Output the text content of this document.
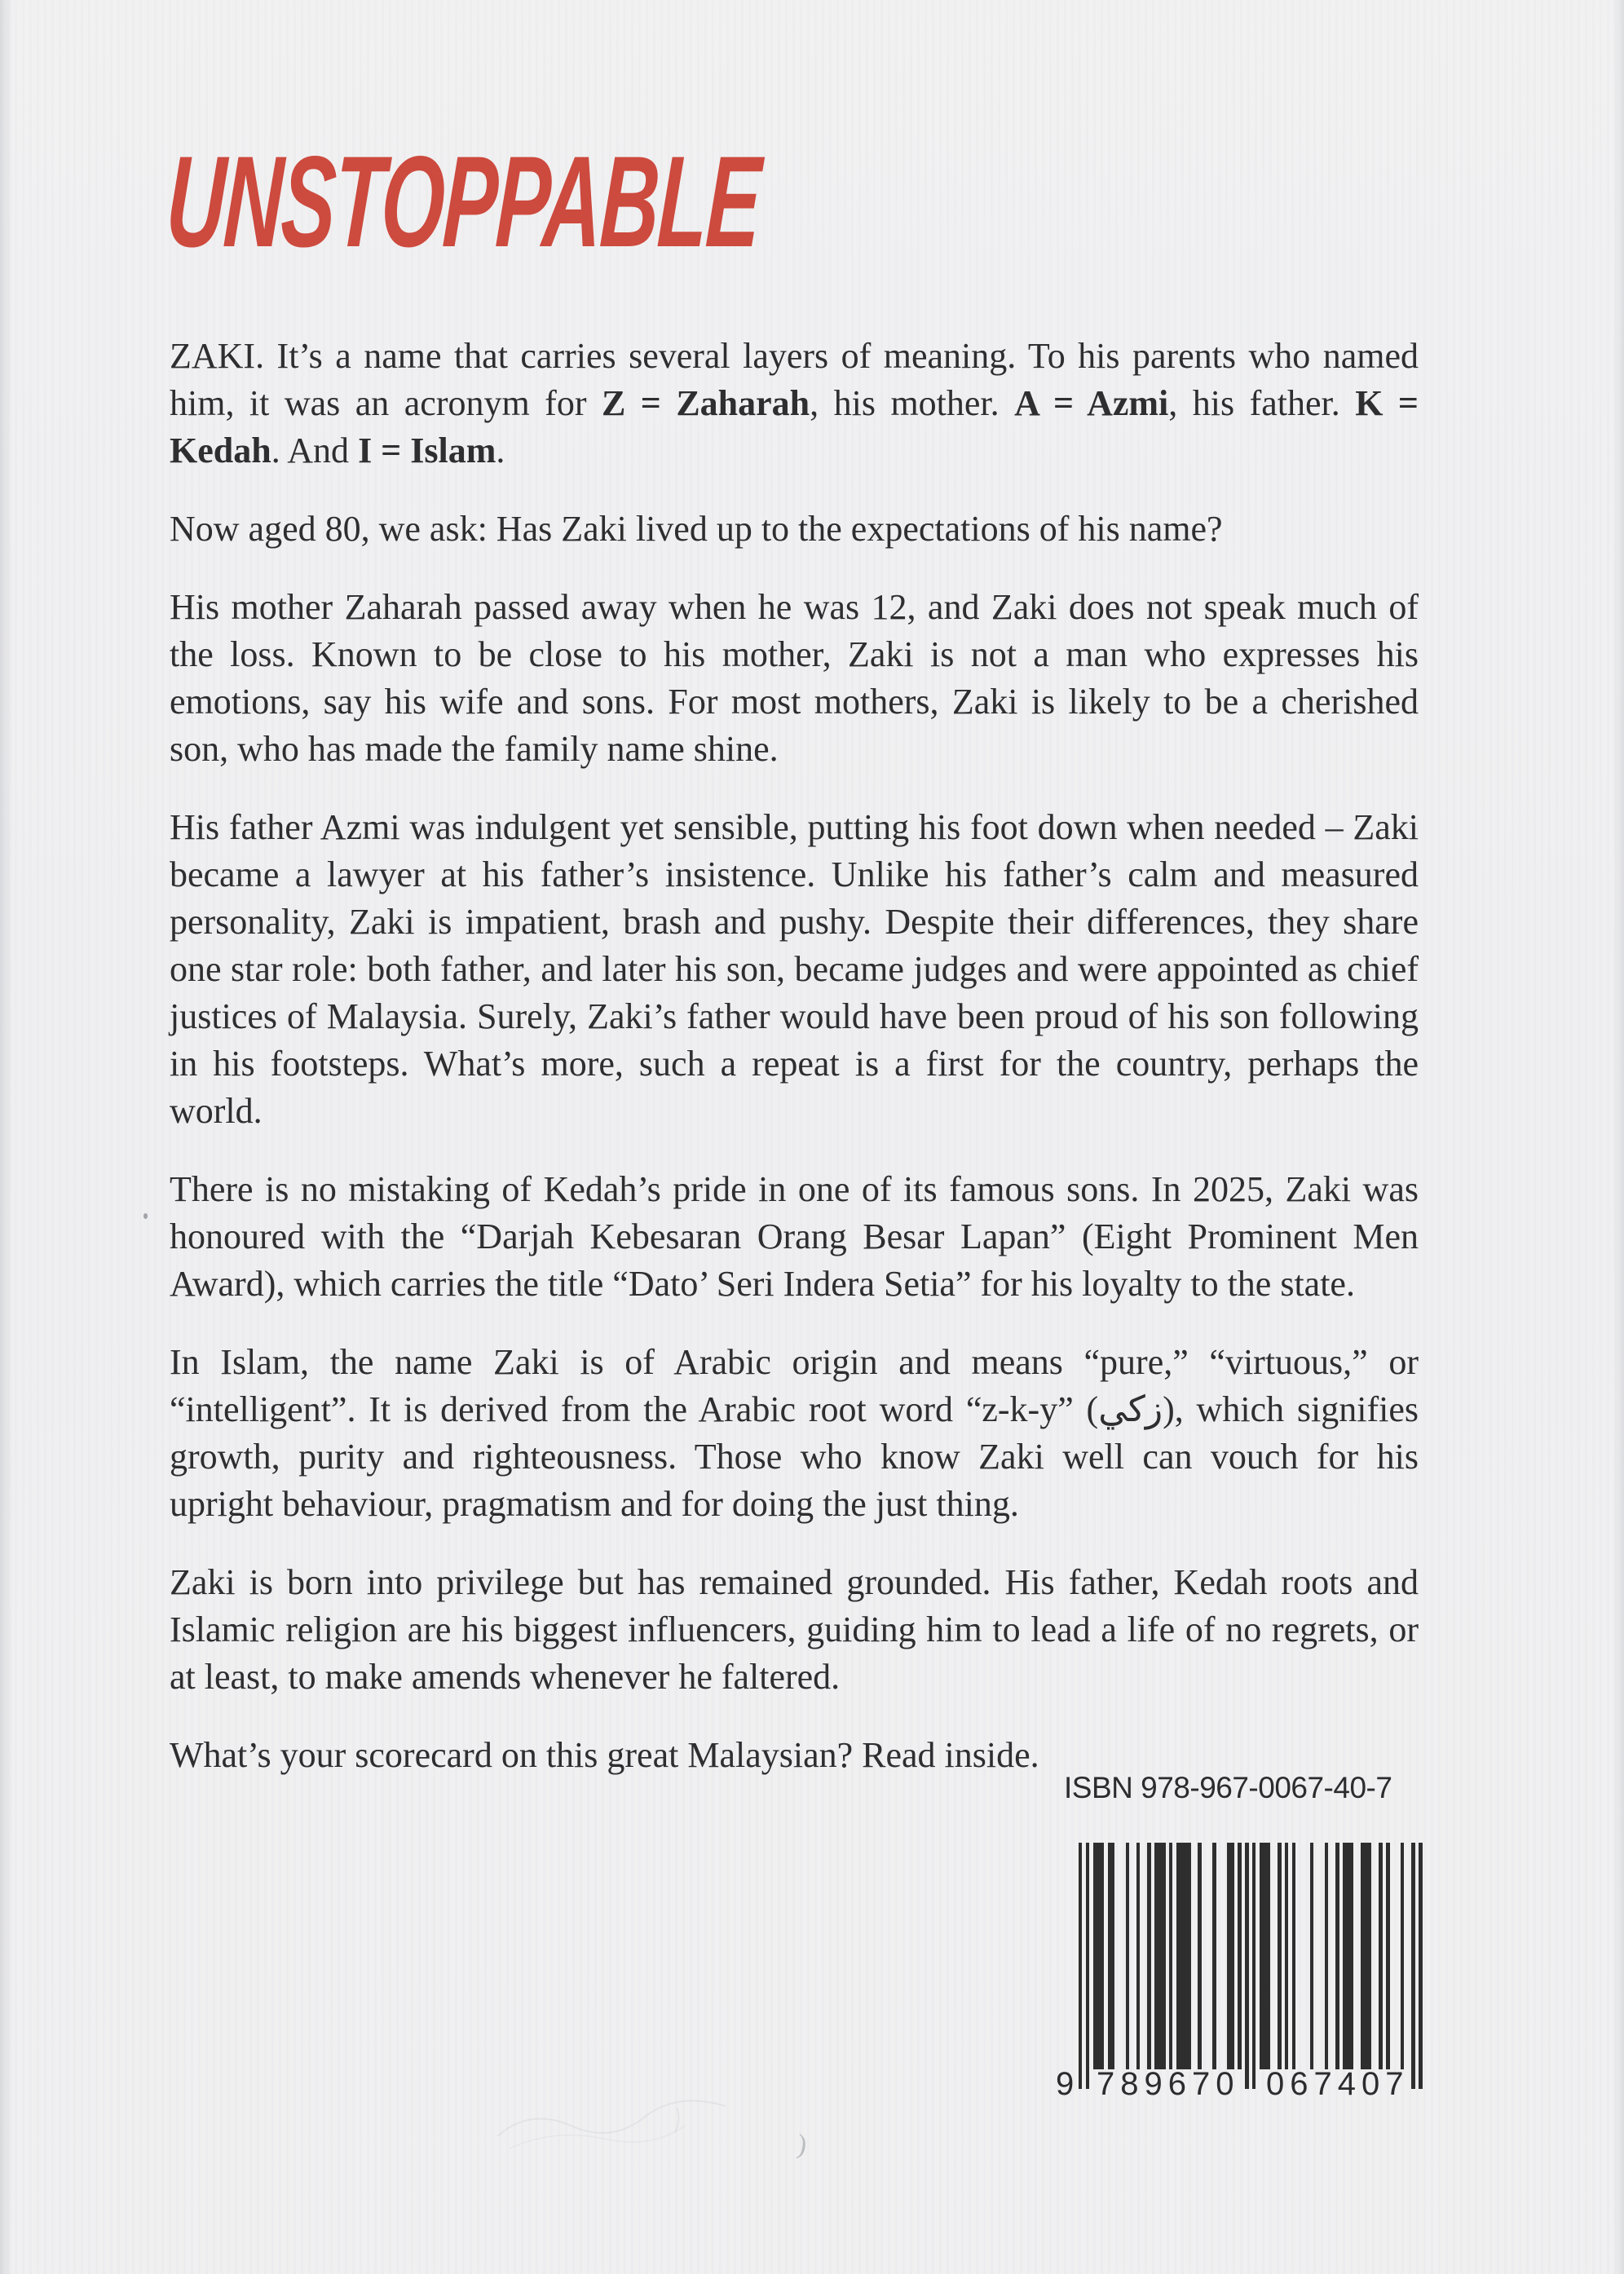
UNSTOPPABLE

ZAKI. It’s a name that carries several layers of meaning. To his parents who named him, it was an acronym for Z = Zaharah, his mother. A = Azmi, his father. K = Kedah. And I = Islam.

Now aged 80, we ask: Has Zaki lived up to the expectations of his name?

His mother Zaharah passed away when he was 12, and Zaki does not speak much of the loss. Known to be close to his mother, Zaki is not a man who expresses his emotions, say his wife and sons. For most mothers, Zaki is likely to be a cherished son, who has made the family name shine.

His father Azmi was indulgent yet sensible, putting his foot down when needed – Zaki became a lawyer at his father’s insistence. Unlike his father’s calm and measured personality, Zaki is impatient, brash and pushy. Despite their differences, they share one star role: both father, and later his son, became judges and were appointed as chief justices of Malaysia. Surely, Zaki’s father would have been proud of his son following in his footsteps. What’s more, such a repeat is a first for the country, perhaps the world.

There is no mistaking of Kedah’s pride in one of its famous sons. In 2025, Zaki was honoured with the “Darjah Kebesaran Orang Besar Lapan” (Eight Prominent Men Award), which carries the title “Dato’ Seri Indera Setia” for his loyalty to the state.

In Islam, the name Zaki is of Arabic origin and means “pure,” “virtuous,” or “intelligent”. It is derived from the Arabic root word “z-k-y” (زكي), which signifies growth, purity and righteousness. Those who know Zaki well can vouch for his upright behaviour, pragmatism and for doing the just thing.

Zaki is born into privilege but has remained grounded. His father, Kedah roots and Islamic religion are his biggest influencers, guiding him to lead a life of no regrets, or at least, to make amends whenever he faltered.

What’s your scorecard on this great Malaysian? Read inside.

ISBN 978-967-0067-40-7

9 789670 067407

)
